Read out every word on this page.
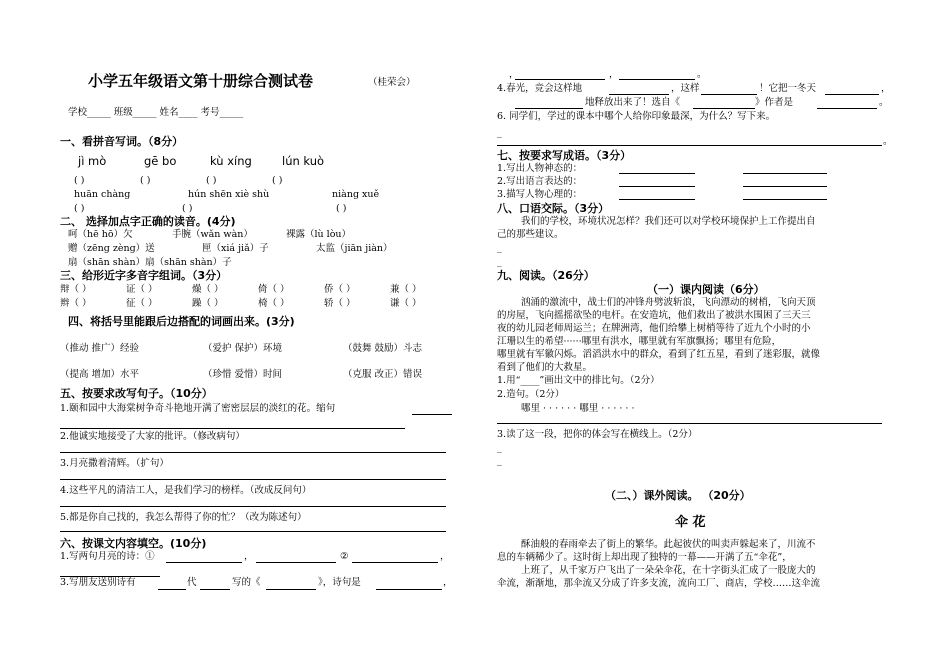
小学五年级语文第十册综合测试卷	（桂荣会）
学校_____ 班级_____ 姓名____ 考号_____
一、看拼音写词。（8分）
jì mò	gē bo	kù xíng	lún kuò
( )	( )	( )	( )
huān chàng	hún shēn xiè shù	niàng xuě
( )	( )	( )
二、 选择加点字正确的读音。(4分)
呵（hē hō）欠	手腕（wǎn wàn）	裸露（lù lòu）
赠（zēng zèng）送	匣（xiá jiǎ）子	太监（jiān jiàn）
扇（shān shàn）扇（shān shàn）子
三、给形近字多音字组词。（3分）
辩（ ）	证（ ）	燥（ ）	倚（ ）	侨（ ）	兼（ ）
辫（ ）	征（ ）	躁（ ）	椅（ ）	轿（ ）	谦（ ）
四、将括号里能跟后边搭配的词画出来。(3分)
（推动 推广）经验	（爱护 保护）环境	（鼓舞 鼓励）斗志
（提高 增加）水平	（珍惜 爱惜）时间	（克服 改正）错误
五、按要求改写句子。（10分）
1.颐和园中大海棠树争奇斗艳地开满了密密层层的淡红的花。缩句
2.他诚实地接受了大家的批评。（修改病句）
3.月亮撒着清辉。（扩句）
4.这些平凡的清洁工人，是我们学习的榜样。（改成反问句）
5.都是你自己找的，我怎么帮得了你的忙？（改为陈述句）
六、按课文内容填空。(10分)
1.写两句月亮的诗：①	，	②	，
3.写朋友送别诗有	代	写的《	》，诗句是	，
，	，	。
4.春光，竞会这样地	，这样	！它把一冬天	，
地释放出来了！选自《	》作者是	。
6. 同学们，学过的课本中哪个人给你印象最深，为什么？写下来。
_
。
七、按要求写成语。（3分）
1.写出人物神态的：
2.写出语言表达的：
3.描写人物心理的：
八、口语交际。（3分）
我们的学校，环境状况怎样？我们还可以对学校环境保护上工作提出自
己的那些建议。
_
_
九、阅读。（26分）
（一）课内阅读（6分）
汹涌的激流中，战士们的冲锋舟劈波斩浪，飞向漂动的树梢，飞向天顶
的房屋，飞向摇摇欲坠的电杆。在安造坑，他们救出了被洪水围困了三天三
夜的幼儿园老师周运兰；在牌洲湾，他们给攀上树梢等待了近九个小时的小
江珊以生的希望······哪里有洪水，哪里就有军旗飘扬；哪里有危险，
哪里就有军徽闪烁。滔滔洪水中的群众，看到了红五星，看到了迷彩服，就像
看到了他们的大救星。
1.用“____”画出文中的排比句。（2分）
2.造句。（2分）
哪里 · · · · · · 哪里 · · · · · ·
3.读了这一段，把你的体会写在横线上。（2分）
_
_
（二、）课外阅读。 （20分）
伞 花
酥油般的春雨牵去了街上的繁华。此起彼伏的叫卖声躲起来了，川流不
息的车辆稀少了。这时街上却出现了独特的一幕——开满了五“伞花”，
上班了，从千家万户飞出了一朵朵伞花，在十字街头汇成了一股庞大的
伞流，渐渐地，那伞流又分成了许多支流，流向工厂、商店，学校……这伞流
